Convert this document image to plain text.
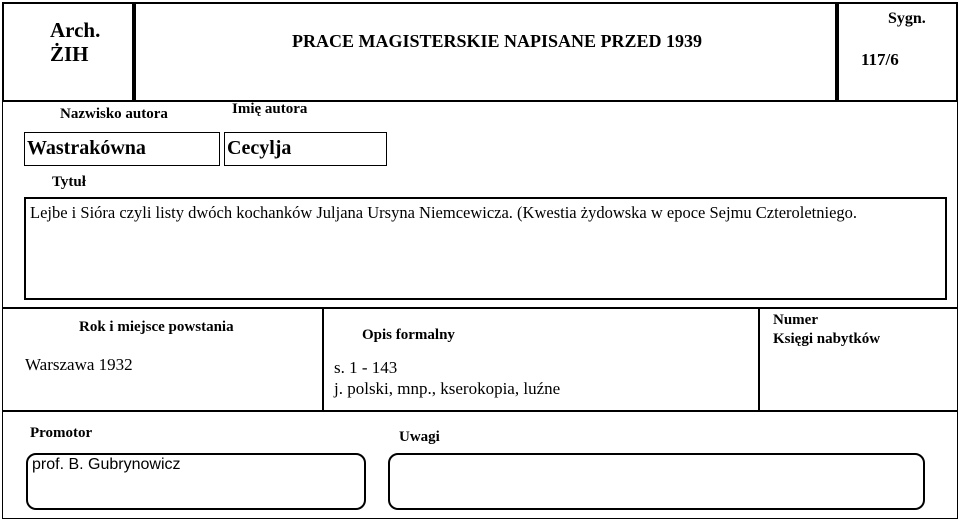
Arch.
ŻIH
PRACE MAGISTERSKIE NAPISANE PRZED 1939
Sygn.
117/6
Nazwisko autora	Imię autora
Wastrakówna	Cecylja
Tytuł
Lejbe i Sióra czyli listy dwóch kochanków Juljana Ursyna Niemcewicza. (Kwestia żydowska w epoce Sejmu Czteroletniego.
Rok i miejsce powstania
Warszawa 1932
Opis formalny
s. 1 - 143
j. polski, mnp., kserokopia, luźne
Numer
Księgi nabytków
Promotor
prof. B. Gubrynowicz
Uwagi
